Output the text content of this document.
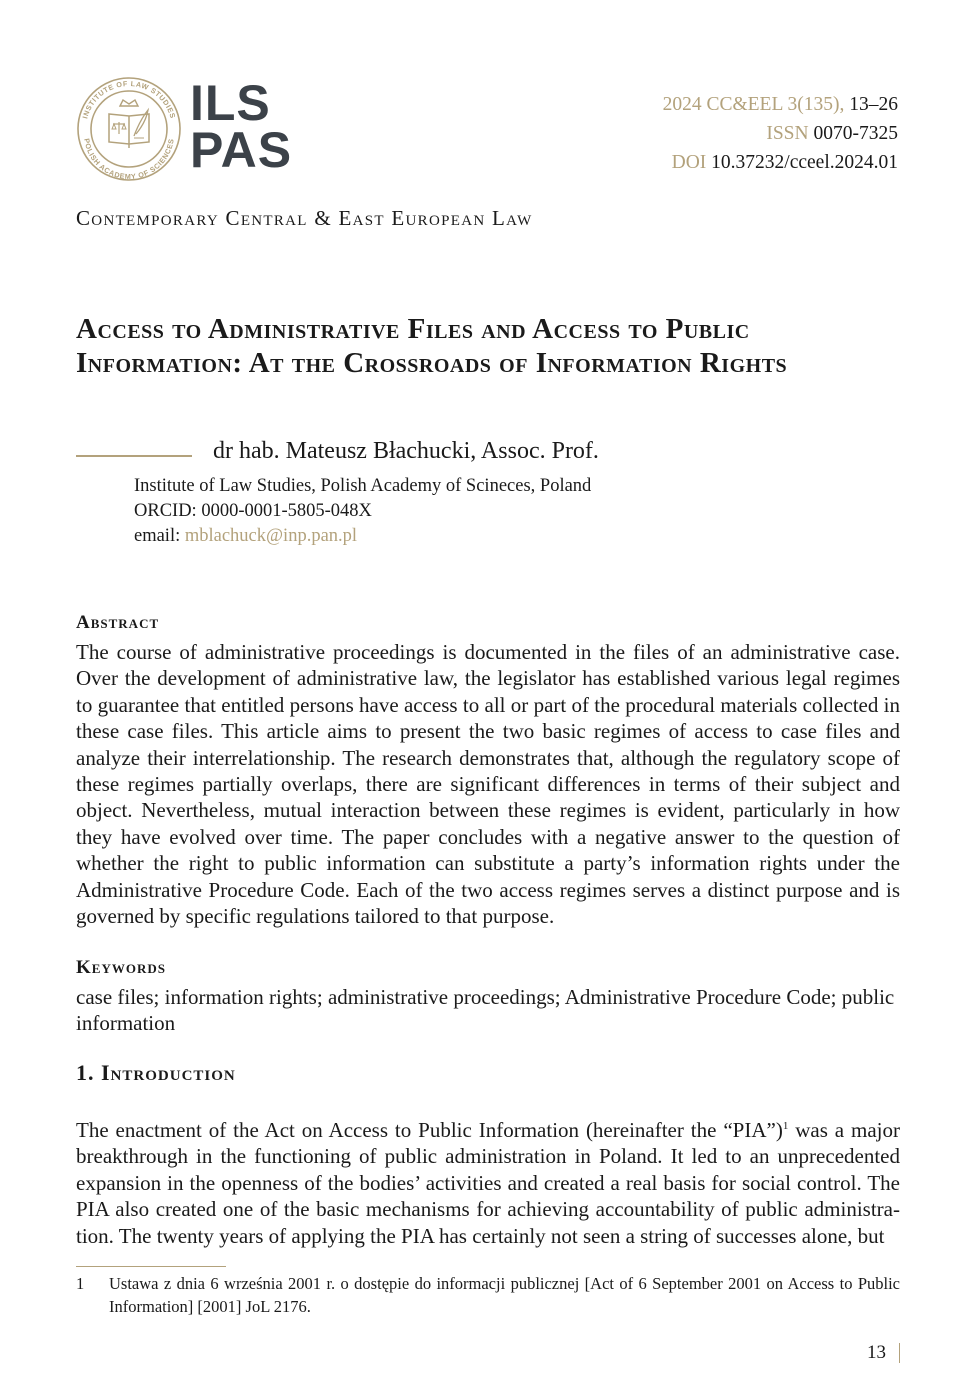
INSTITUTE OF LAW STUDIES
POLISH ACADEMY OF SCIENCES
ILS
PAS
2024 CC&EEL 3(135), 13–26
ISSN 0070-7325
DOI 10.37232/cceel.2024.01
Contemporary Central & East European Law
Access to Administrative Files and Access to Public Information: At the Crossroads of Information Rights
dr hab. Mateusz Błachucki, Assoc. Prof.
Institute of Law Studies, Polish Academy of Scineces, Poland
ORCID: 0000-0001-5805-048X
email: mblachuck@inp.pan.pl
Abstract
The course of administrative proceedings is documented in the files of an administrative case. Over the development of administrative law, the legislator has established various legal regimes to guarantee that entitled persons have access to all or part of the procedural materials collected in these case files. This article aims to present the two basic regimes of access to case files and analyze their interrelationship. The research demonstrates that, although the regulatory scope of these regimes partially overlaps, there are significant differences in terms of their subject and object. Nevertheless, mutual interaction between these regimes is evident, particularly in how they have evolved over time. The paper concludes with a negative answer to the question of whether the right to public information can substitute a party’s information rights under the Administrative Procedure Code. Each of the two access regimes serves a distinct purpose and is governed by specific regulations tailored to that purpose.
Keywords
case files; information rights; administrative proceedings; Administrative Procedure Code; public information
1. Introduction
The enactment of the Act on Access to Public Information (hereinafter the “PIA”)$^1$ was a major breakthrough in the functioning of public administration in Poland. It led to an unprecedented expansion in the openness of the bodies’ activities and created a real basis for social control. The PIA also created one of the basic mechanisms for achieving accountability of public administration. The twenty years of applying the PIA has certainly not seen a string of successes alone, but
1 Ustawa z dnia 6 września 2001 r. o dostępie do informacji publicznej [Act of 6 September 2001 on Access to Public Information] [2001] JoL 2176.
13
